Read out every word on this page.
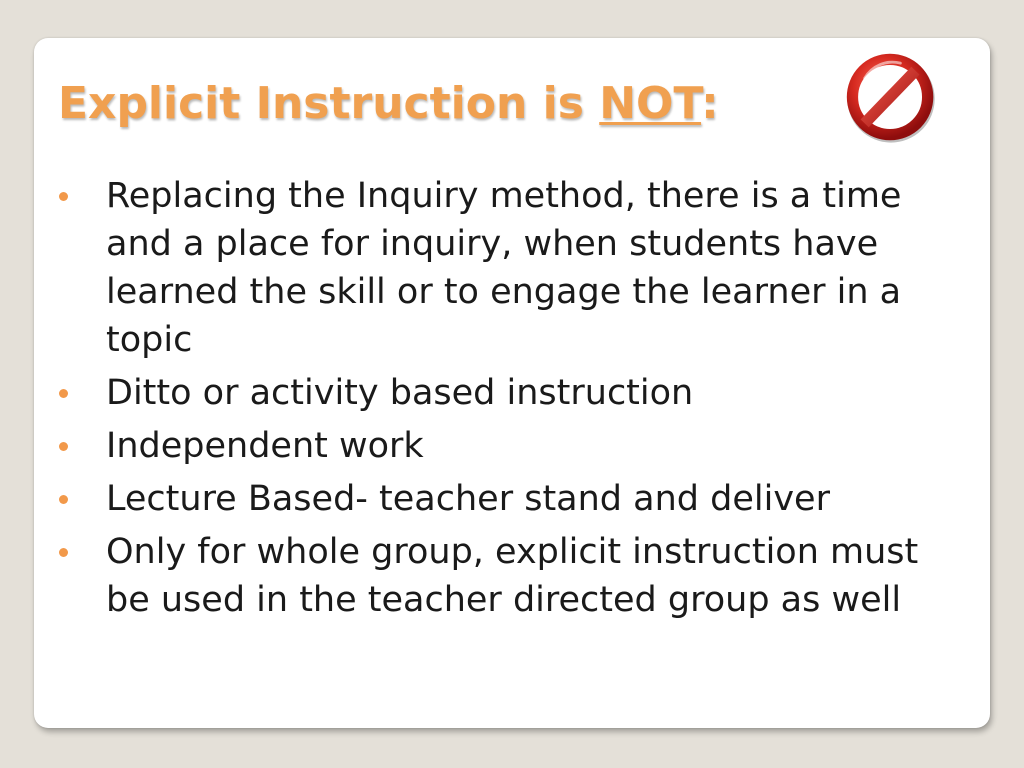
Explicit Instruction is NOT:
Replacing the Inquiry method, there is a time and a place for inquiry, when students have learned the skill or to engage the learner in a topic
Ditto or activity based instruction
Independent work
Lecture Based- teacher stand and deliver
Only for whole group, explicit instruction must be used in the teacher directed group as well
